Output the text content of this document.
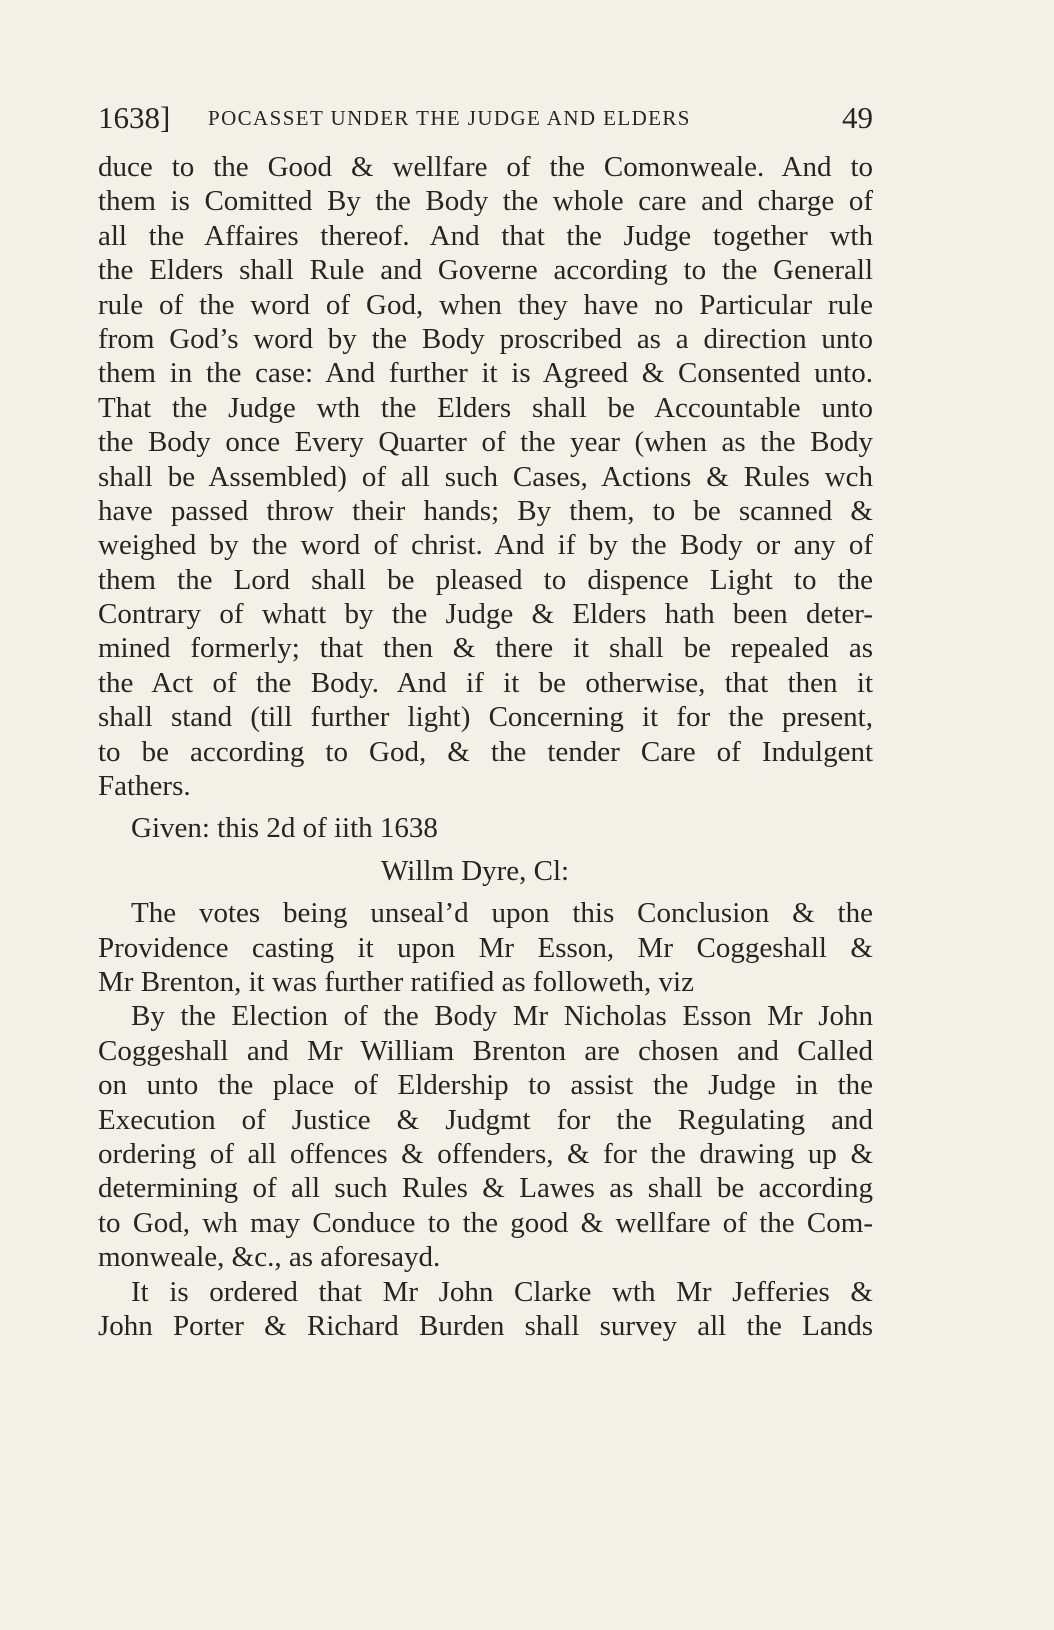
1638] POCASSET UNDER THE JUDGE AND ELDERS	49
duce to the Good & wellfare of the Comonweale. And to
them is Comitted By the Body the whole care and charge of
all the Affaires thereof. And that the Judge together wth
the Elders shall Rule and Governe according to the Generall
rule of the word of God, when they have no Particular rule
from God’s word by the Body proscribed as a direction unto
them in the case: And further it is Agreed & Consented unto.
That the Judge wth the Elders shall be Accountable unto
the Body once Every Quarter of the year (when as the Body
shall be Assembled) of all such Cases, Actions & Rules wch
have passed throw their hands; By them, to be scanned &
weighed by the word of christ. And if by the Body or any of
them the Lord shall be pleased to dispence Light to the
Contrary of whatt by the Judge & Elders hath been deter-
mined formerly; that then & there it shall be repealed as
the Act of the Body. And if it be otherwise, that then it
shall stand (till further light) Concerning it for the present,
to be according to God, & the tender Care of Indulgent
Fathers.
Given: this 2d of iith 1638
Willm Dyre, Cl:
The votes being unseal’d upon this Conclusion & the
Providence casting it upon Mr Esson, Mr Coggeshall &
Mr Brenton, it was further ratified as followeth, viz
By the Election of the Body Mr Nicholas Esson Mr John
Coggeshall and Mr William Brenton are chosen and Called
on unto the place of Eldership to assist the Judge in the
Execution of Justice & Judgmt for the Regulating and
ordering of all offences & offenders, & for the drawing up &
determining of all such Rules & Lawes as shall be according
to God, wh may Conduce to the good & wellfare of the Com-
monweale, &c., as aforesayd.
It is ordered that Mr John Clarke wth Mr Jefferies &
John Porter & Richard Burden shall survey all the Lands
